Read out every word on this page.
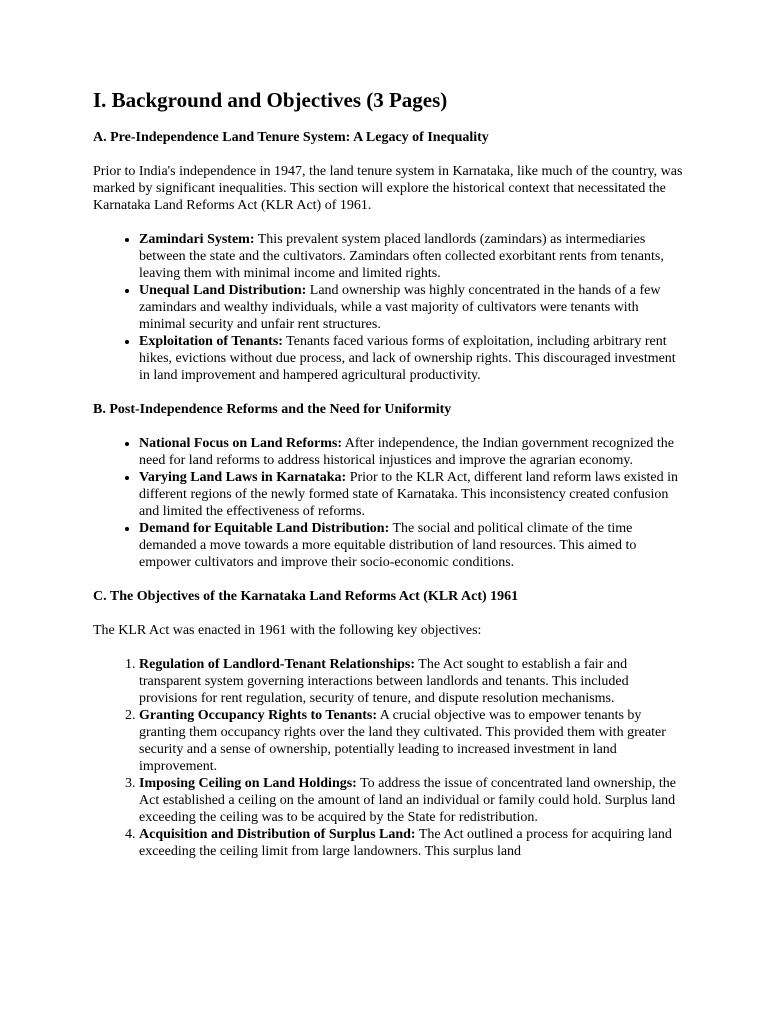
I. Background and Objectives (3 Pages)
A. Pre-Independence Land Tenure System: A Legacy of Inequality

Prior to India's independence in 1947, the land tenure system in Karnataka, like much of the country, was marked by significant inequalities. This section will explore the historical context that necessitated the Karnataka Land Reforms Act (KLR Act) of 1961.

• Zamindari System: This prevalent system placed landlords (zamindars) as intermediaries between the state and the cultivators. Zamindars often collected exorbitant rents from tenants, leaving them with minimal income and limited rights.
• Unequal Land Distribution: Land ownership was highly concentrated in the hands of a few zamindars and wealthy individuals, while a vast majority of cultivators were tenants with minimal security and unfair rent structures.
• Exploitation of Tenants: Tenants faced various forms of exploitation, including arbitrary rent hikes, evictions without due process, and lack of ownership rights. This discouraged investment in land improvement and hampered agricultural productivity.
B. Post-Independence Reforms and the Need for Uniformity
• National Focus on Land Reforms: After independence, the Indian government recognized the need for land reforms to address historical injustices and improve the agrarian economy.
• Varying Land Laws in Karnataka: Prior to the KLR Act, different land reform laws existed in different regions of the newly formed state of Karnataka. This inconsistency created confusion and limited the effectiveness of reforms.
• Demand for Equitable Land Distribution: The social and political climate of the time demanded a move towards a more equitable distribution of land resources. This aimed to empower cultivators and improve their socio-economic conditions.
C. The Objectives of the Karnataka Land Reforms Act (KLR Act) 1961

The KLR Act was enacted in 1961 with the following key objectives:

1. Regulation of Landlord-Tenant Relationships: The Act sought to establish a fair and transparent system governing interactions between landlords and tenants. This included provisions for rent regulation, security of tenure, and dispute resolution mechanisms.
2. Granting Occupancy Rights to Tenants: A crucial objective was to empower tenants by granting them occupancy rights over the land they cultivated. This provided them with greater security and a sense of ownership, potentially leading to increased investment in land improvement.
3. Imposing Ceiling on Land Holdings: To address the issue of concentrated land ownership, the Act established a ceiling on the amount of land an individual or family could hold. Surplus land exceeding the ceiling was to be acquired by the State for redistribution.
4. Acquisition and Distribution of Surplus Land: The Act outlined a process for acquiring land exceeding the ceiling limit from large landowners. This surplus land
